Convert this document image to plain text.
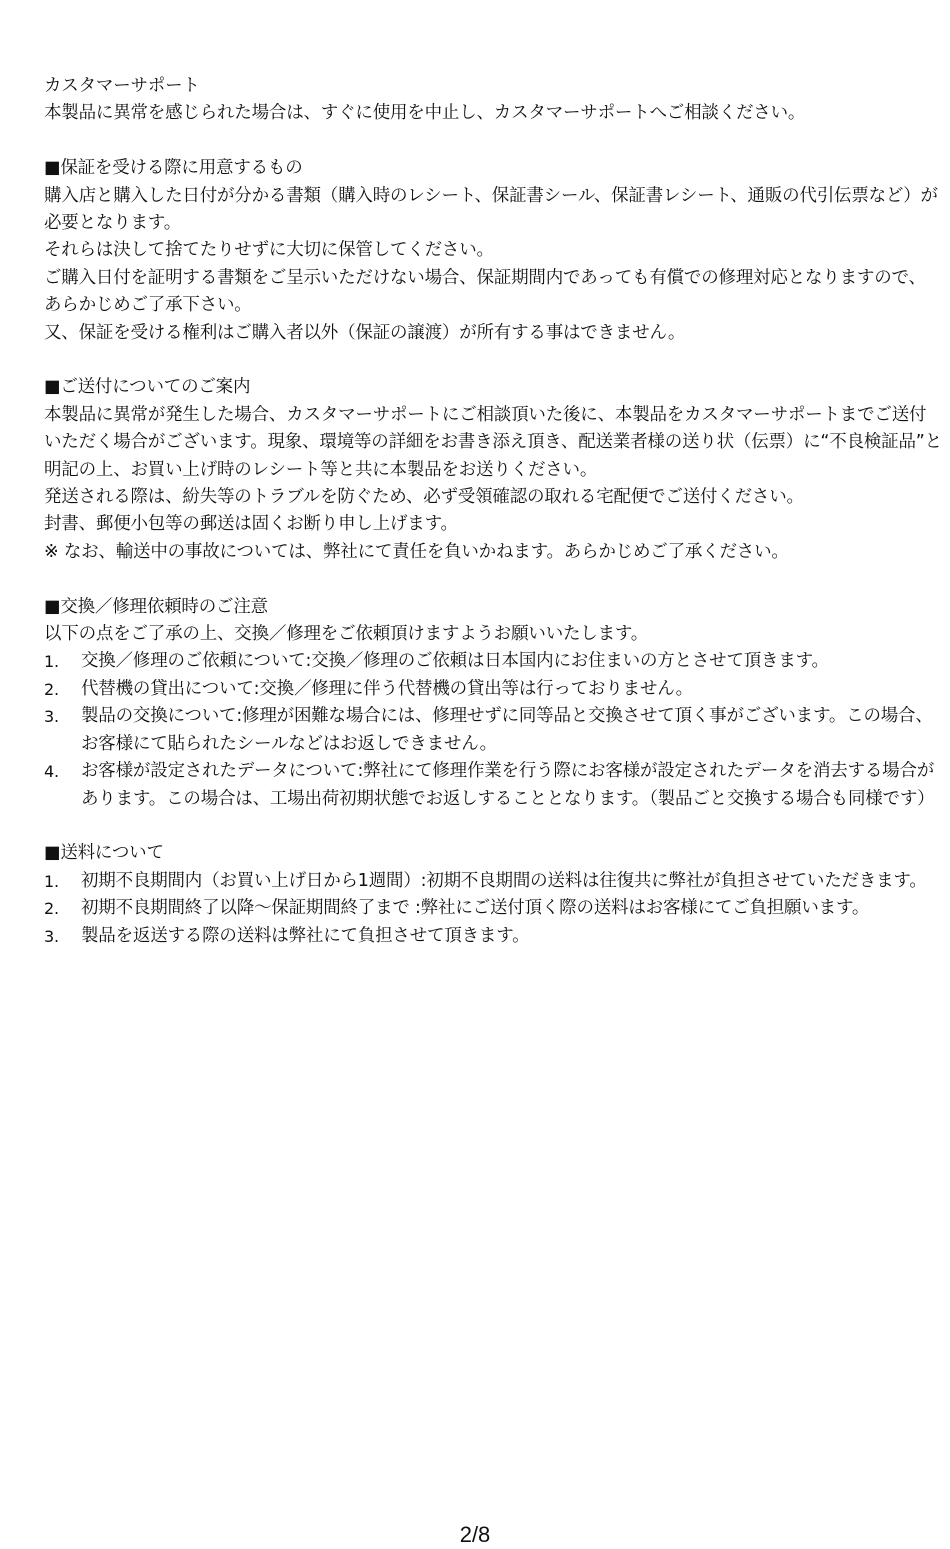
カスタマーサポート

本製品に異常を感じられた場合は、すぐに使用を中止し、カスタマーサポートへご相談ください。

■保証を受ける際に用意するもの

購入店と購入した日付が分かる書類（購入時のレシート、保証書シール、保証書レシート、通販の代引伝票など）が必要となります。

それらは決して捨てたりせずに大切に保管してください。

ご購入日付を証明する書類をご呈示いただけない場合、保証期間内であっても有償での修理対応となりますので、あらかじめご了承下さい。

又、保証を受ける権利はご購入者以外（保証の譲渡）が所有する事はできません。

■ご送付についてのご案内

本製品に異常が発生した場合、カスタマーサポートにご相談頂いた後に、本製品をカスタマーサポートまでご送付いただく場合がございます。現象、環境等の詳細をお書き添え頂き、配送業者様の送り状（伝票）に“不良検証品”と明記の上、お買い上げ時のレシート等と共に本製品をお送りください。

発送される際は、紛失等のトラブルを防ぐため、必ず受領確認の取れる宅配便でご送付ください。

封書、郵便小包等の郵送は固くお断り申し上げます。

※ なお、輸送中の事故については、弊社にて責任を負いかねます。あらかじめご了承ください。

■交換／修理依頼時のご注意

以下の点をご了承の上、交換／修理をご依頼頂けますようお願いいたします。

1. 交換／修理のご依頼について:交換／修理のご依頼は日本国内にお住まいの方とさせて頂きます。
2. 代替機の貸出について:交換／修理に伴う代替機の貸出等は行っておりません。
3. 製品の交換について:修理が困難な場合には、修理せずに同等品と交換させて頂く事がございます。この場合、お客様にて貼られたシールなどはお返しできません。
4. お客様が設定されたデータについて:弊社にて修理作業を行う際にお客様が設定されたデータを消去する場合があります。この場合は、工場出荷初期状態でお返しすることとなります。（製品ごと交換する場合も同様です）

■送料について

1. 初期不良期間内（お買い上げ日から1週間）:初期不良期間の送料は往復共に弊社が負担させていただきます。
2. 初期不良期間終了以降～保証期間終了まで :弊社にご送付頂く際の送料はお客様にてご負担願います。
3. 製品を返送する際の送料は弊社にて負担させて頂きます。
2/8
